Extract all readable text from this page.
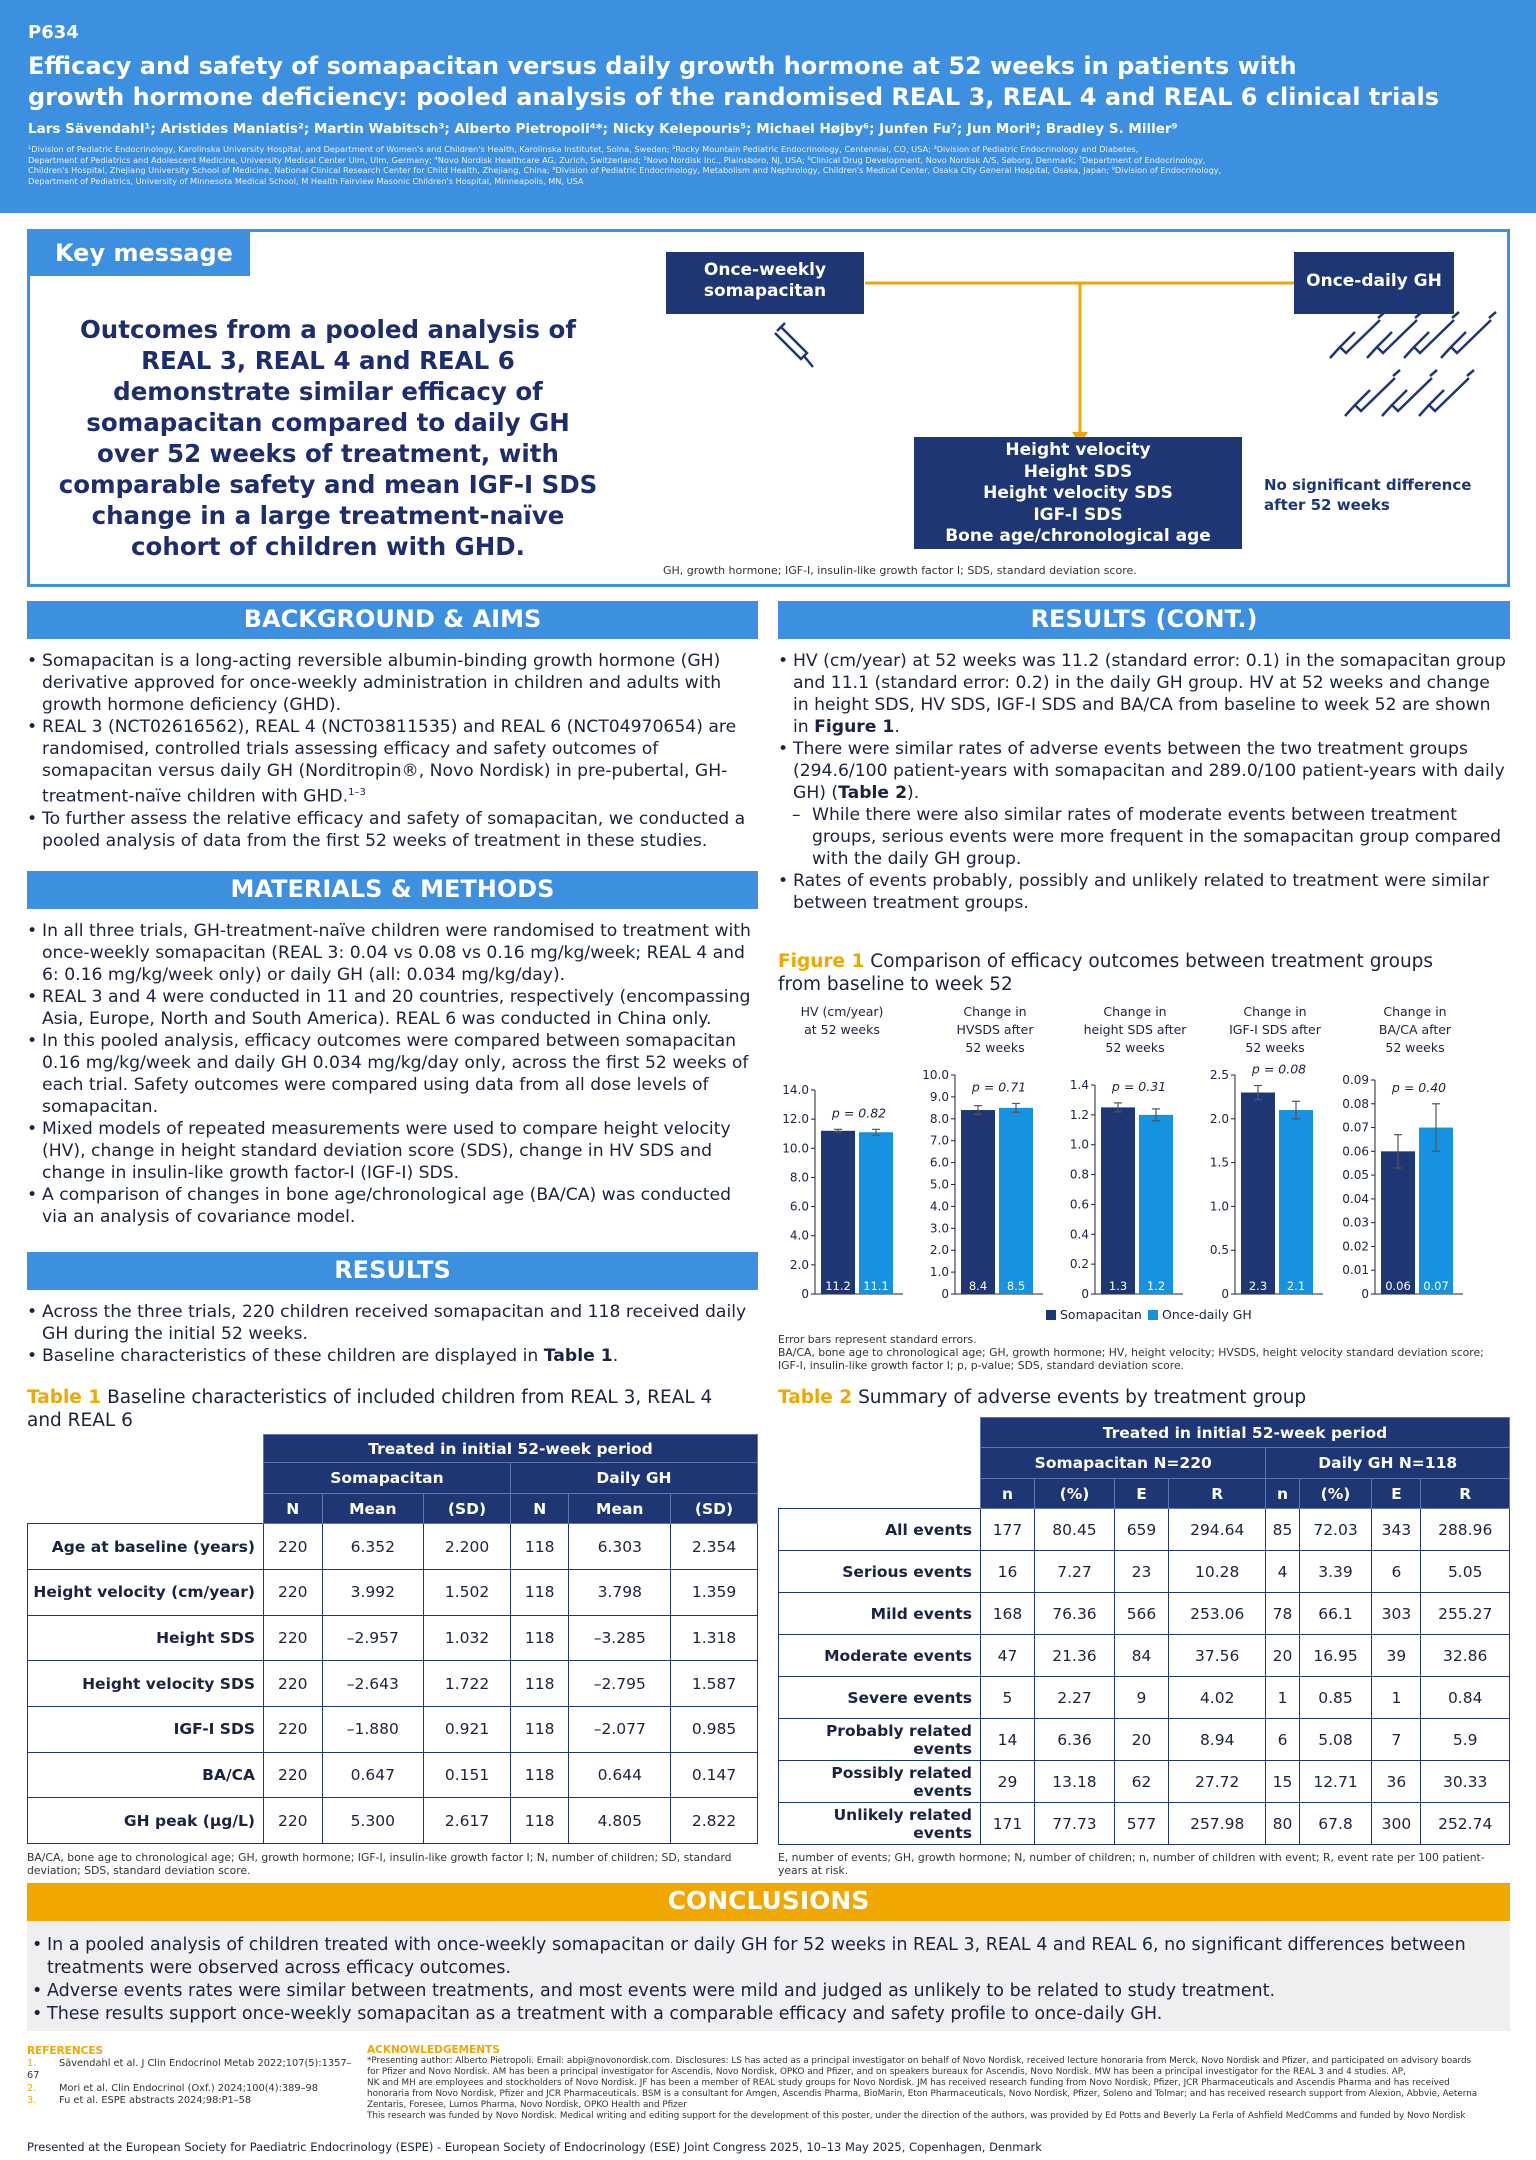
P634
Efficacy and safety of somapacitan versus daily growth hormone at 52 weeks in patients with
growth hormone deficiency: pooled analysis of the randomised REAL 3, REAL 4 and REAL 6 clinical trials
Lars Sävendahl¹; Aristides Maniatis²; Martin Wabitsch³; Alberto Pietropoli⁴*; Nicky Kelepouris⁵; Michael Højby⁶; Junfen Fu⁷; Jun Mori⁸; Bradley S. Miller⁹
¹Division of Pediatric Endocrinology, Karolinska University Hospital, and Department of Women's and Children's Health, Karolinska Institutet, Solna, Sweden; ²Rocky Mountain Pediatric Endocrinology, Centennial, CO, USA; ³Division of Pediatric Endocrinology and Diabetes,
Department of Pediatrics and Adolescent Medicine, University Medical Center Ulm, Ulm, Germany; ⁴Novo Nordisk Healthcare AG, Zurich, Switzerland; ⁵Novo Nordisk Inc., Plainsboro, NJ, USA; ⁶Clinical Drug Development, Novo Nordisk A/S, Søborg, Denmark; ⁷Department of Endocrinology,
Children's Hospital, Zhejiang University School of Medicine, National Clinical Research Center for Child Health, Zhejiang, China; ⁸Division of Pediatric Endocrinology, Metabolism and Nephrology, Children's Medical Center, Osaka City General Hospital, Osaka, Japan; ⁹Division of Endocrinology,
Department of Pediatrics, University of Minnesota Medical School, M Health Fairview Masonic Children's Hospital, Minneapolis, MN, USA
Key message
Outcomes from a pooled analysis of REAL 3, REAL 4 and REAL 6 demonstrate similar efficacy of somapacitan compared to daily GH over 52 weeks of treatment, with comparable safety and mean IGF-I SDS change in a large treatment-naïve cohort of children with GHD.
Once-weekly somapacitan	Once-daily GH
Height velocity
Height SDS
Height velocity SDS
IGF-I SDS
Bone age/chronological age
No significant difference after 52 weeks
GH, growth hormone; IGF-I, insulin-like growth factor I; SDS, standard deviation score.
BACKGROUND & AIMS
• Somapacitan is a long-acting reversible albumin-binding growth hormone (GH) derivative approved for once-weekly administration in children and adults with growth hormone deficiency (GHD).
• REAL 3 (NCT02616562), REAL 4 (NCT03811535) and REAL 6 (NCT04970654) are randomised, controlled trials assessing efficacy and safety outcomes of somapacitan versus daily GH (Norditropin®, Novo Nordisk) in pre-pubertal, GH-treatment-naïve children with GHD.$^{1-3}$
• To further assess the relative efficacy and safety of somapacitan, we conducted a pooled analysis of data from the first 52 weeks of treatment in these studies.
MATERIALS & METHODS
• In all three trials, GH-treatment-naïve children were randomised to treatment with once-weekly somapacitan (REAL 3: 0.04 vs 0.08 vs 0.16 mg/kg/week; REAL 4 and 6: 0.16 mg/kg/week only) or daily GH (all: 0.034 mg/kg/day).
• REAL 3 and 4 were conducted in 11 and 20 countries, respectively (encompassing Asia, Europe, North and South America). REAL 6 was conducted in China only.
• In this pooled analysis, efficacy outcomes were compared between somapacitan 0.16 mg/kg/week and daily GH 0.034 mg/kg/day only, across the first 52 weeks of each trial. Safety outcomes were compared using data from all dose levels of somapacitan.
• Mixed models of repeated measurements were used to compare height velocity (HV), change in height standard deviation score (SDS), change in HV SDS and change in insulin-like growth factor-I (IGF-I) SDS.
• A comparison of changes in bone age/chronological age (BA/CA) was conducted via an analysis of covariance model.
RESULTS
• Across the three trials, 220 children received somapacitan and 118 received daily GH during the initial 52 weeks.
• Baseline characteristics of these children are displayed in Table 1.
Table 1 Baseline characteristics of included children from REAL 3, REAL 4 and REAL 6
	Treated in initial 52-week period					
	Somapacitan			Daily GH		
	N	Mean	(SD)	N	Mean	(SD)
Age at baseline (years)	220	6.352	2.200	118	6.303	2.354
Height velocity (cm/year)	220	3.992	1.502	118	3.798	1.359
Height SDS	220	–2.957	1.032	118	–3.285	1.318
Height velocity SDS	220	–2.643	1.722	118	–2.795	1.587
IGF-I SDS	220	–1.880	0.921	118	–2.077	0.985
BA/CA	220	0.647	0.151	118	0.644	0.147
GH peak (µg/L)	220	5.300	2.617	118	4.805	2.822
BA/CA, bone age to chronological age; GH, growth hormone; IGF-I, insulin-like growth factor I; N, number of children; SD, standard deviation; SDS, standard deviation score.
RESULTS (CONT.)
• HV (cm/year) at 52 weeks was 11.2 (standard error: 0.1) in the somapacitan group and 11.1 (standard error: 0.2) in the daily GH group. HV at 52 weeks and change
in height SDS, HV SDS, IGF-I SDS and BA/CA from baseline to week 52 are shown in Figure 1.
• There were similar rates of adverse events between the two treatment groups (294.6/100 patient-years with somapacitan and 289.0/100 patient-years with daily GH) (Table 2).
– While there were also similar rates of moderate events between treatment groups, serious events were more frequent in the somapacitan group compared with the daily GH group.
• Rates of events probably, possibly and unlikely related to treatment were similar between treatment groups.
Figure 1 Comparison of efficacy outcomes between treatment groups from baseline to week 52
HV (cm/year)
at 52 weeks
0
2.0
4.0
6.0
8.0
10.0
12.0
14.0
11.2 11.1
p = 0.82
Change in
HVSDS after
52 weeks
0
1.0
2.0
3.0
4.0
5.0
6.0
7.0
8.0
9.0
10.0
8.4 8.5
p = 0.71
Change in
height SDS after
52 weeks
0
0.2
0.4
0.6
0.8
1.0
1.2
1.4
1.3 1.2
p = 0.31
Change in
IGF-I SDS after
52 weeks
0
0.5
1.0
1.5
2.0
2.5
2.3 2.1
p = 0.08
Change in
BA/CA after
52 weeks
0
0.01
0.02
0.03
0.04
0.05
0.06
0.07
0.08
0.09
0.06 0.07
p = 0.40
Somapacitan Once-daily GH
Error bars represent standard errors.
BA/CA, bone age to chronological age; GH, growth hormone; HV, height velocity; HVSDS, height velocity standard deviation score;
IGF-I, insulin-like growth factor I; p, p-value; SDS, standard deviation score.
Table 2 Summary of adverse events by treatment group
	Treated in initial 52-week period							
	Somapacitan N=220				Daily GH N=118			
	n	(%)	E	R	n	(%)	E	R
All events	177	80.45	659	294.64	85	72.03	343	288.96
Serious events	16	7.27	23	10.28	4	3.39	6	5.05
Mild events	168	76.36	566	253.06	78	66.1	303	255.27
Moderate events	47	21.36	84	37.56	20	16.95	39	32.86
Severe events	5	2.27	9	4.02	1	0.85	1	0.84
Probably related events	14	6.36	20	8.94	6	5.08	7	5.9
Possibly related events	29	13.18	62	27.72	15	12.71	36	30.33
Unlikely related events	171	77.73	577	257.98	80	67.8	300	252.74
E, number of events; GH, growth hormone; N, number of children; n, number of children with event; R, event rate per 100 patient-years at risk.
CONCLUSIONS
• In a pooled analysis of children treated with once-weekly somapacitan or daily GH for 52 weeks in REAL 3, REAL 4 and REAL 6, no significant differences between treatments were observed across efficacy outcomes.
• Adverse events rates were similar between treatments, and most events were mild and judged as unlikely to be related to study treatment.
• These results support once-weekly somapacitan as a treatment with a comparable efficacy and safety profile to once-daily GH.
REFERENCES
1. Sävendahl et al. J Clin Endocrinol Metab 2022;107(5):1357–67
2. Mori et al. Clin Endocrinol (Oxf.) 2024;100(4):389–98
3. Fu et al. ESPE abstracts 2024;98:P1–58
ACKNOWLEDGEMENTS
*Presenting author: Alberto Pietropoli. Email: abpi@novonordisk.com. Disclosures: LS has acted as a principal investigator on behalf of Novo Nordisk, received lecture honoraria from Merck, Novo Nordisk and Pfizer, and participated on advisory boards
for Pfizer and Novo Nordisk. AM has been a principal investigator for Ascendis, Novo Nordisk, OPKO and Pfizer, and on speakers bureaux for Ascendis, Novo Nordisk. MW has been a principal investigator for the REAL 3 and 4 studies. AP,
NK and MH are employees and stockholders of Novo Nordisk. JF has been a member of REAL study groups for Novo Nordisk. JM has received research funding from Novo Nordisk, Pfizer, JCR Pharmaceuticals and Ascendis Pharma and has received
honoraria from Novo Nordisk, Pfizer and JCR Pharmaceuticals. BSM is a consultant for Amgen, Ascendis Pharma, BioMarin, Eton Pharmaceuticals, Novo Nordisk, Pfizer, Soleno and Tolmar; and has received research support from Alexion, Abbvie, Aeterna
Zentaris, Foresee, Lumos Pharma, Novo Nordisk, OPKO Health and Pfizer
This research was funded by Novo Nordisk. Medical writing and editing support for the development of this poster, under the direction of the authors, was provided by Ed Potts and Beverly La Ferla of Ashfield MedComms and funded by Novo Nordisk
Presented at the European Society for Paediatric Endocrinology (ESPE) - European Society of Endocrinology (ESE) Joint Congress 2025, 10–13 May 2025, Copenhagen, Denmark
